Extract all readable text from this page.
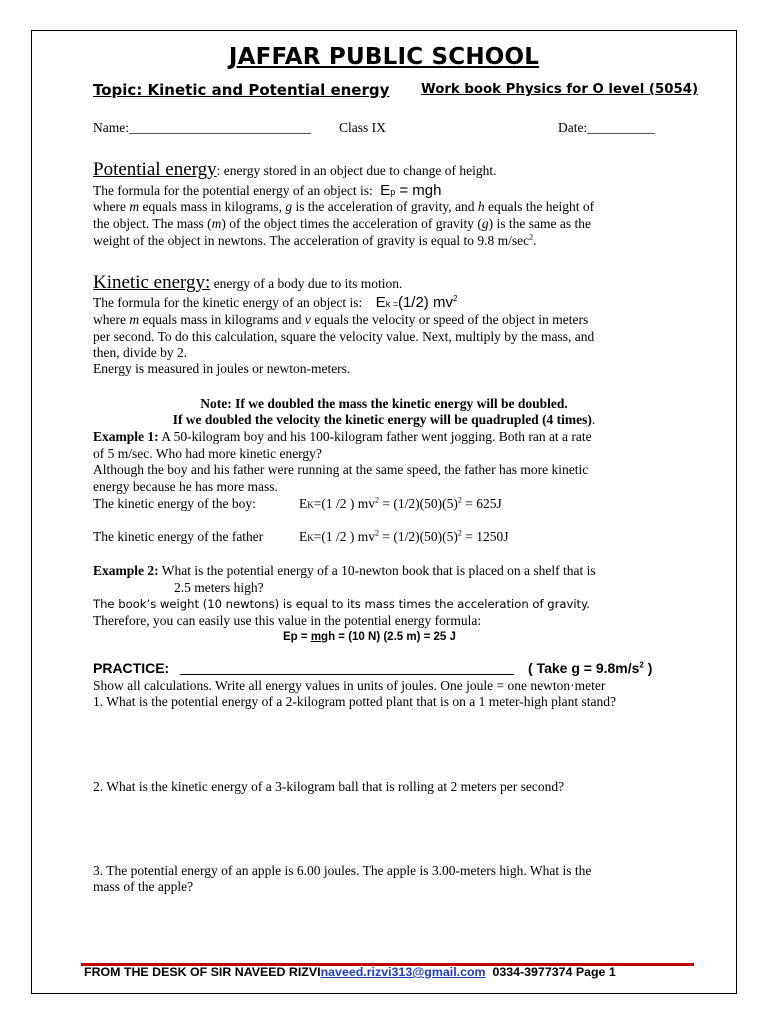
JAFFAR PUBLIC SCHOOL
Topic: Kinetic and Potential energy Work book Physics for O level (5054)
Name:___________________________ Class IX	Date:__________
Potential energy: energy stored in an object due to change of height.
The formula for the potential energy of an object is: Ep = mgh
where m equals mass in kilograms, g is the acceleration of gravity, and h equals the height of
the object. The mass (m) of the object times the acceleration of gravity (g) is the same as the
weight of the object in newtons. The acceleration of gravity is equal to 9.8 $m/\sec^2$.
Kinetic energy: energy of a body due to its motion.
The formula for the kinetic energy of an object is: Ek =(1/2) $mv^2$
where m equals mass in kilograms and v equals the velocity or speed of the object in meters
per second. To do this calculation, square the velocity value. Next, multiply by the mass, and
then, divide by 2.
Energy is measured in joules or newton-meters.
Note: If we doubled the mass the kinetic energy will be doubled.
If we doubled the velocity the kinetic energy will be quadrupled (4 times).
Example 1: A 50-kilogram boy and his 100-kilogram father went jogging. Both ran at a rate
of 5 m/sec. Who had more kinetic energy?
Although the boy and his father were running at the same speed, the father has more kinetic
energy because he has more mass.
The kinetic energy of the boy:	EK=(1 /2 ) $mv^2 = (1/2)(50)(5)^2 = 625J$
The kinetic energy of the father	EK=(1 /2 ) $mv^2 = (1/2)(50)(5)^2 = 1250J$
Example 2: What is the potential energy of a 10-newton book that is placed on a shelf that is
2.5 meters high?
The book’s weight (10 newtons) is equal to its mass times the acceleration of gravity.
Therefore, you can easily use this value in the potential energy formula:
Ep = mgh = (10 N) (2.5 m) = 25 J
PRACTICE:	( Take $g = 9.8m/s^2$ )
Show all calculations. Write all energy values in units of joules. One joule = one newton·meter
1. What is the potential energy of a 2-kilogram potted plant that is on a 1 meter-high plant stand?
2. What is the kinetic energy of a 3-kilogram ball that is rolling at 2 meters per second?
3. The potential energy of an apple is 6.00 joules. The apple is 3.00-meters high. What is the
mass of the apple?
FROM THE DESK OF SIR NAVEED RIZVInaveed.rizvi313@gmail.com  0334-3977374 Page 1
